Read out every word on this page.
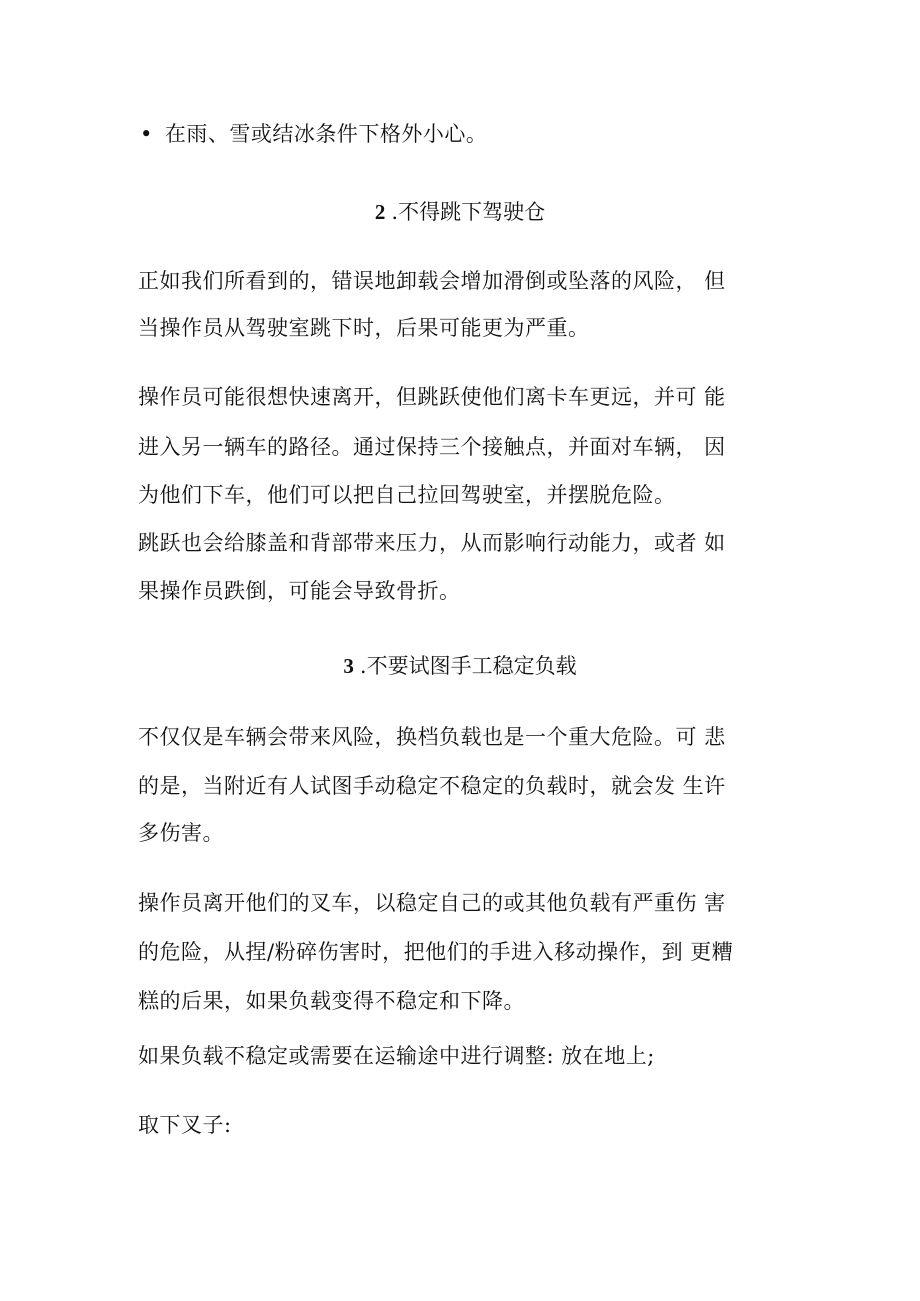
• 在雨、雪或结冰条件下格外小心。
2 .不得跳下驾驶仓
正如我们所看到的，错误地卸载会增加滑倒或坠落的风险， 但
当操作员从驾驶室跳下时，后果可能更为严重。
操作员可能很想快速离开，但跳跃使他们离卡车更远，并可 能
进入另一辆车的路径。通过保持三个接触点，并面对车辆， 因
为他们下车，他们可以把自己拉回驾驶室，并摆脱危险。
跳跃也会给膝盖和背部带来压力，从而影响行动能力，或者 如
果操作员跌倒，可能会导致骨折。
3 .不要试图手工稳定负载
不仅仅是车辆会带来风险，换档负载也是一个重大危险。可 悲
的是，当附近有人试图手动稳定不稳定的负载时，就会发 生许
多伤害。
操作员离开他们的叉车，以稳定自己的或其他负载有严重伤 害
的危险，从捏/粉碎伤害时，把他们的手进入移动操作，到 更糟
糕的后果，如果负载变得不稳定和下降。
如果负载不稳定或需要在运输途中进行调整: 放在地上;
取下叉子:
